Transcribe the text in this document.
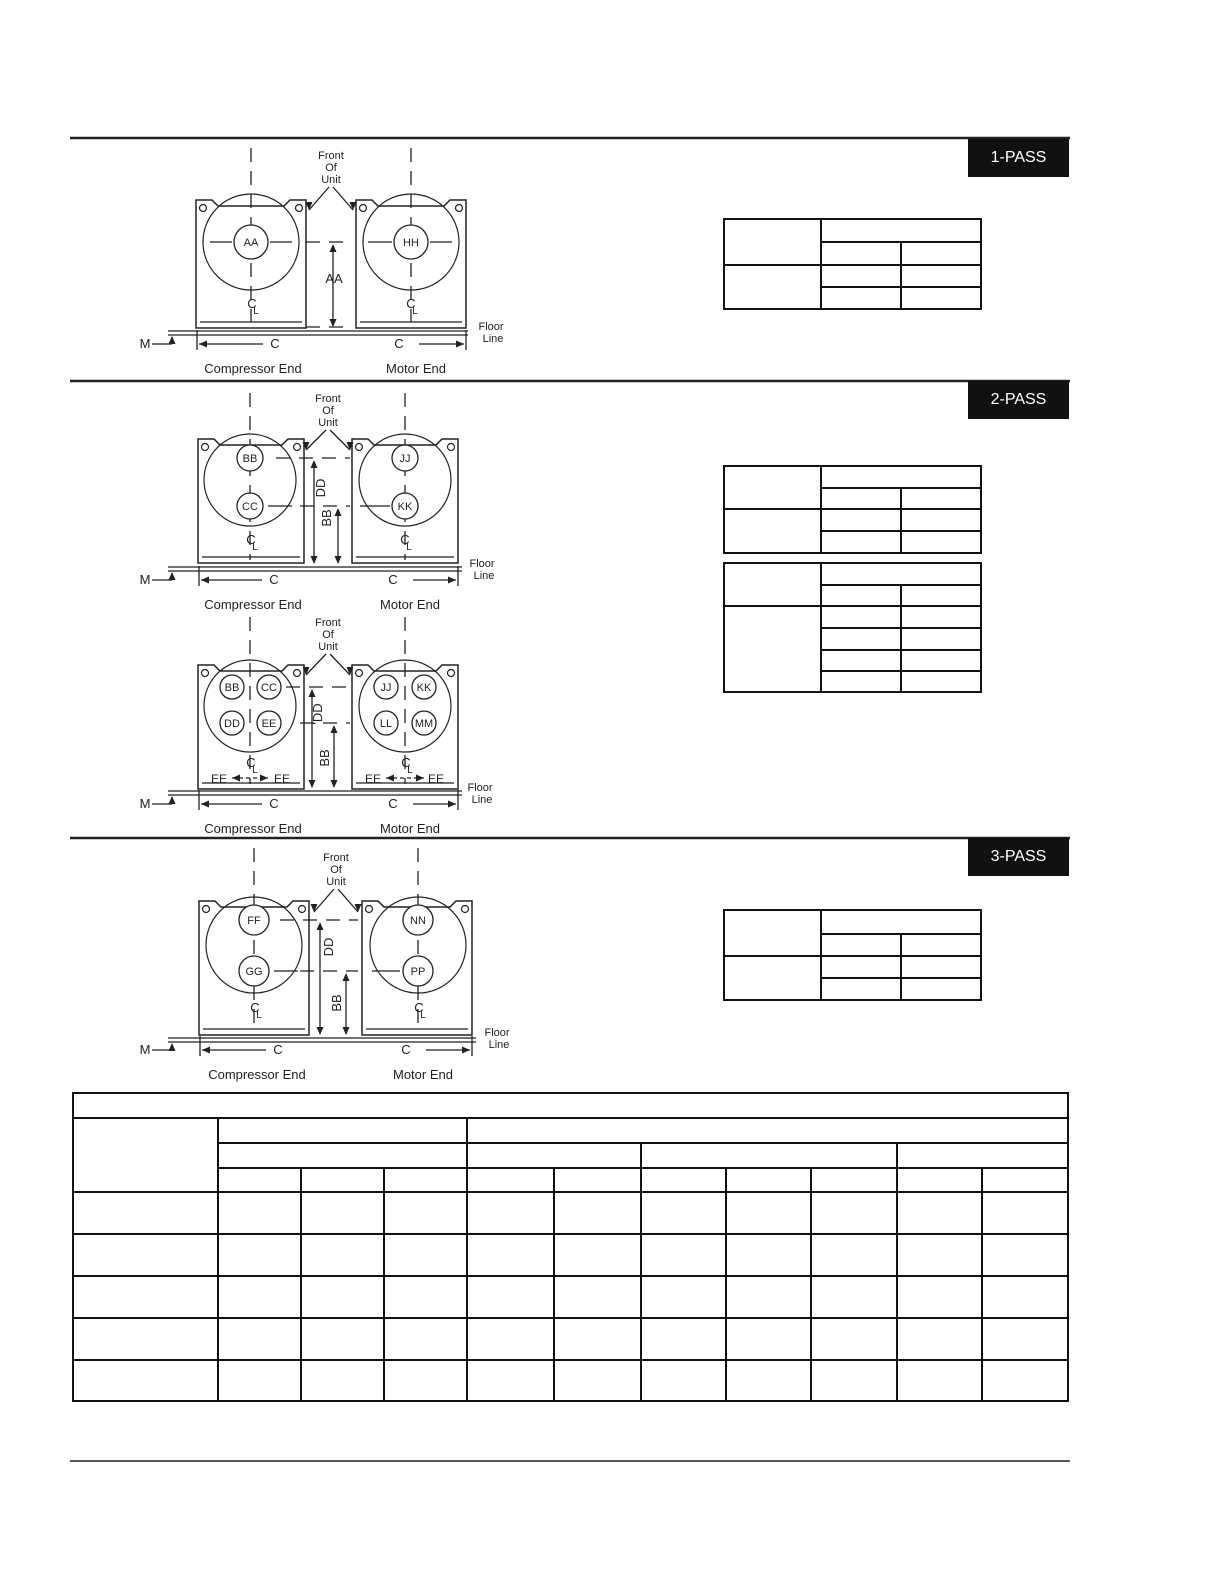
AA	HH
C
L
C
L
AA
Front
Of
Unit
Floor
Line
M	C	C
Compressor End	Motor End
BB
CC
JJ
KK
DD
BB
C
L
C
L
Front
Of
Unit
Floor
Line
M	C	C
Compressor End	Motor End
BB CC
DD EE
JJ KK
LL MM
'DD
BB
C
L
C
L
EE	EE	EE	EE
Front
Of
Unit
Floor
Line
M	C	C
Compressor End	Motor End
FF
GG
NN
PP
DD
BB
C
L
C
L
Front
Of
Unit
Floor
Line
M	C	C
Compressor End	Motor End
1-PASS
2-PASS
3-PASS
